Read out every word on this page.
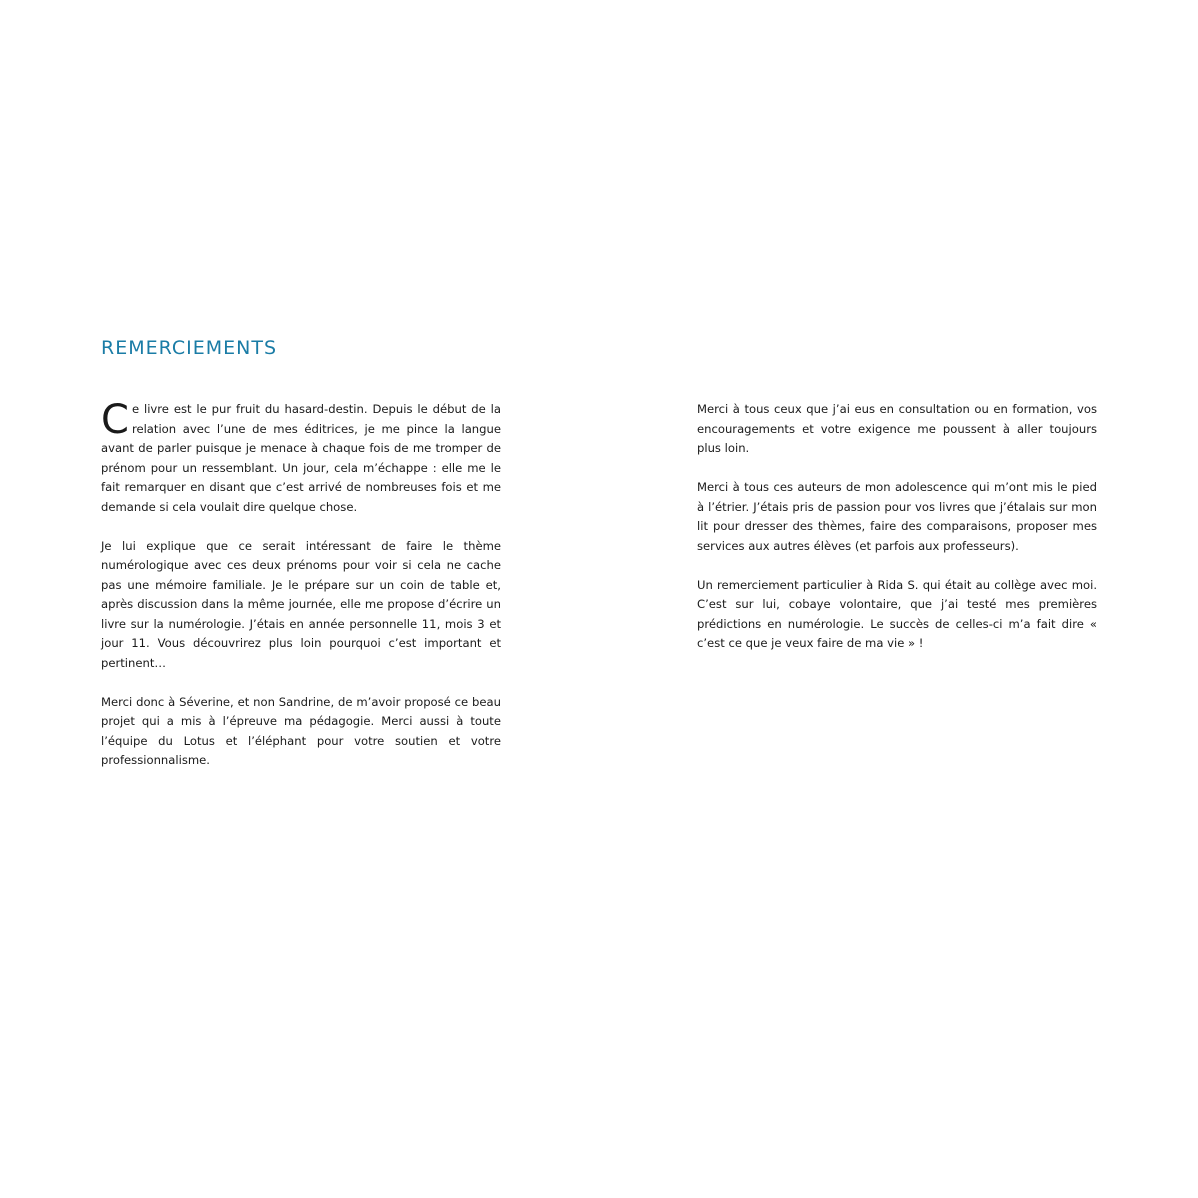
REMERCIEMENTS

Ce livre est le pur fruit du hasard-destin. Depuis le début de la relation avec l’une de mes éditrices, je me pince la langue avant de parler puisque je menace à chaque fois de me tromper de prénom pour un ressemblant. Un jour, cela m’échappe : elle me le fait remarquer en disant que c’est arrivé de nombreuses fois et me demande si cela voulait dire quelque chose.

Je lui explique que ce serait intéressant de faire le thème numérologique avec ces deux prénoms pour voir si cela ne cache pas une mémoire familiale. Je le prépare sur un coin de table et, après discussion dans la même journée, elle me propose d’écrire un livre sur la numérologie. J’étais en année personnelle 11, mois 3 et jour 11. Vous découvrirez plus loin pourquoi c’est important et pertinent…

Merci donc à Séverine, et non Sandrine, de m’avoir proposé ce beau projet qui a mis à l’épreuve ma pédagogie. Merci aussi à toute l’équipe du Lotus et l’éléphant pour votre soutien et votre professionnalisme.

Merci à tous ceux que j’ai eus en consultation ou en formation, vos encouragements et votre exigence me poussent à aller toujours plus loin.

Merci à tous ces auteurs de mon adolescence qui m’ont mis le pied à l’étrier. J’étais pris de passion pour vos livres que j’étalais sur mon lit pour dresser des thèmes, faire des comparaisons, proposer mes services aux autres élèves (et parfois aux professeurs).

Un remerciement particulier à Rida S. qui était au collège avec moi. C’est sur lui, cobaye volontaire, que j’ai testé mes premières prédictions en numérologie. Le succès de celles-ci m’a fait dire « c’est ce que je veux faire de ma vie » !
